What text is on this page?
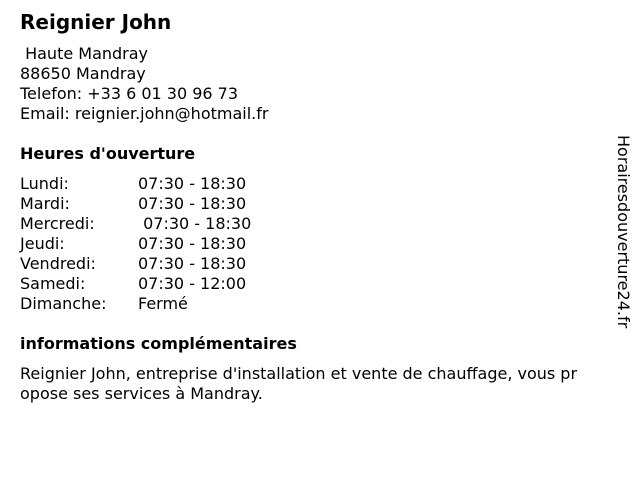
Reignier John
Haute Mandray
88650 Mandray
Telefon: +33 6 01 30 96 73
Email: reignier.john@hotmail.fr
Heures d'ouverture
Lundi:	07:30 - 18:30
Mardi:	07:30 - 18:30
Mercredi:	07:30 - 18:30
Jeudi:	07:30 - 18:30
Vendredi:	07:30 - 18:30
Samedi:	07:30 - 12:00
Dimanche:	Fermé
informations complémentaires
Reignier John, entreprise d'installation et vente de chauffage, vous propose ses services à Mandray.
Horairesdouverture24.fr
